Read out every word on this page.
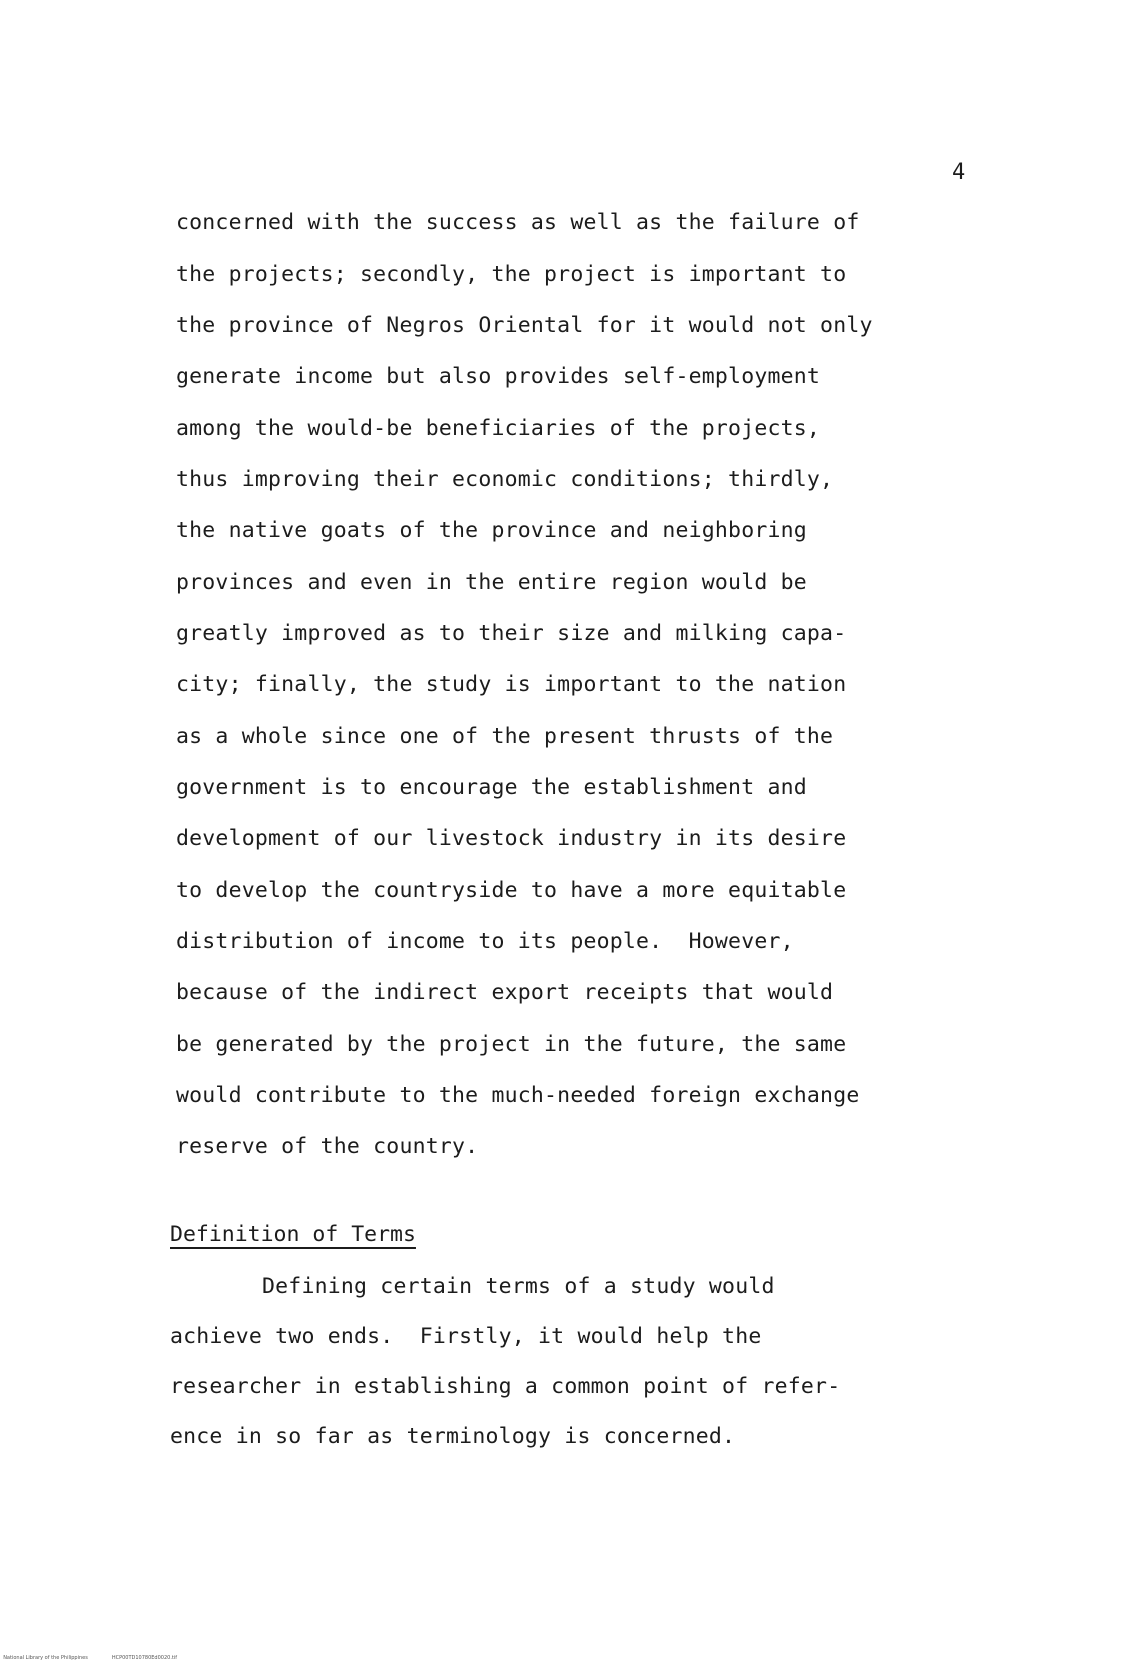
4
concerned with the success as well as the failure of
the projects; secondly, the project is important to
the province of Negros Oriental for it would not only
generate income but also provides self-employment
among the would-be beneficiaries of the projects,
thus improving their economic conditions; thirdly,
the native goats of the province and neighboring
provinces and even in the entire region would be
greatly improved as to their size and milking capa-
city; finally, the study is important to the nation
as a whole since one of the present thrusts of the
government is to encourage the establishment and
development of our livestock industry in its desire
to develop the countryside to have a more equitable
distribution of income to its people.  However,
because of the indirect export receipts that would
be generated by the project in the future, the same
would contribute to the much-needed foreign exchange
reserve of the country.
Definition of Terms
Defining certain terms of a study would
achieve two ends.  Firstly, it would help the
researcher in establishing a common point of refer-
ence in so far as terminology is concerned.

National Library of the Philippines	HCP00TD10780Ed0020.tif
